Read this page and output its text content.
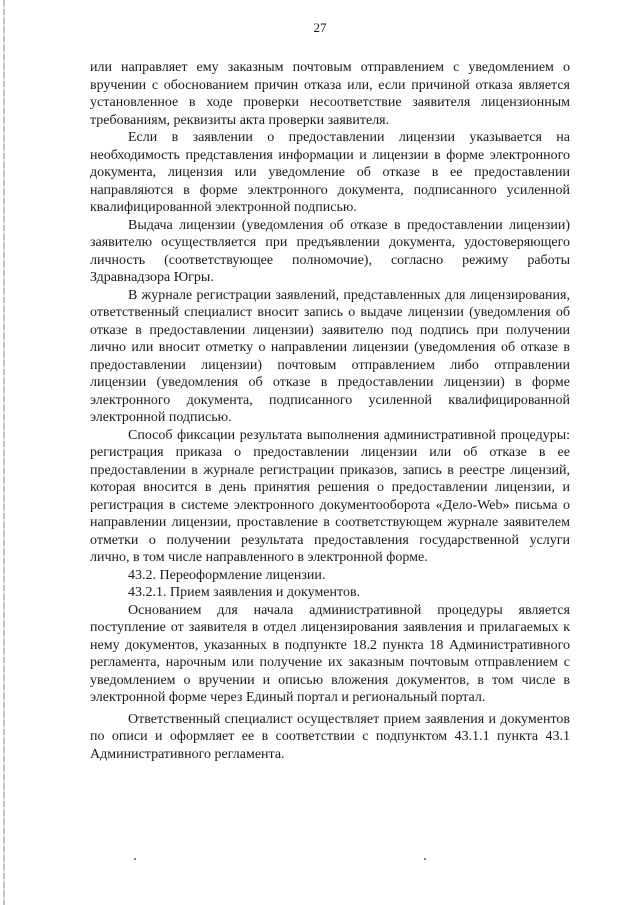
27

или направляет ему заказным почтовым отправлением с уведомлением о вручении с обоснованием причин отказа или, если причиной отказа является установленное в ходе проверки несоответствие заявителя лицензионным требованиям, реквизиты акта проверки заявителя.

Если в заявлении о предоставлении лицензии указывается на необходимость представления информации и лицензии в форме электронного документа, лицензия или уведомление об отказе в ее предоставлении направляются в форме электронного документа, подписанного усиленной квалифицированной электронной подписью.

Выдача лицензии (уведомления об отказе в предоставлении лицензии) заявителю осуществляется при предъявлении документа, удостоверяющего личность (соответствующее полномочие), согласно режиму работы Здравнадзора Югры.

В журнале регистрации заявлений, представленных для лицензирования, ответственный специалист вносит запись о выдаче лицензии (уведомления об отказе в предоставлении лицензии) заявителю под подпись при получении лично или вносит отметку о направлении лицензии (уведомления об отказе в предоставлении лицензии) почтовым отправлением либо отправлении лицензии (уведомления об отказе в предоставлении лицензии) в форме электронного документа, подписанного усиленной квалифицированной электронной подписью.

Способ фиксации результата выполнения административной процедуры: регистрация приказа о предоставлении лицензии или об отказе в ее предоставлении в журнале регистрации приказов, запись в реестре лицензий, которая вносится в день принятия решения о предоставлении лицензии, и регистрация в системе электронного документооборота «Дело-Web» письма о направлении лицензии, проставление в соответствующем журнале заявителем отметки о получении результата предоставления государственной услуги лично, в том числе направленного в электронной форме.

43.2. Переоформление лицензии.

43.2.1. Прием заявления и документов.

Основанием для начала административной процедуры является поступление от заявителя в отдел лицензирования заявления и прилагаемых к нему документов, указанных в подпункте 18.2 пункта 18 Административного регламента, нарочным или получение их заказным почтовым отправлением с уведомлением о вручении и описью вложения документов, в том числе в электронной форме через Единый портал и региональный портал.

Ответственный специалист осуществляет прием заявления и документов по описи и оформляет ее в соответствии с подпунктом 43.1.1 пункта 43.1 Административного регламента.
